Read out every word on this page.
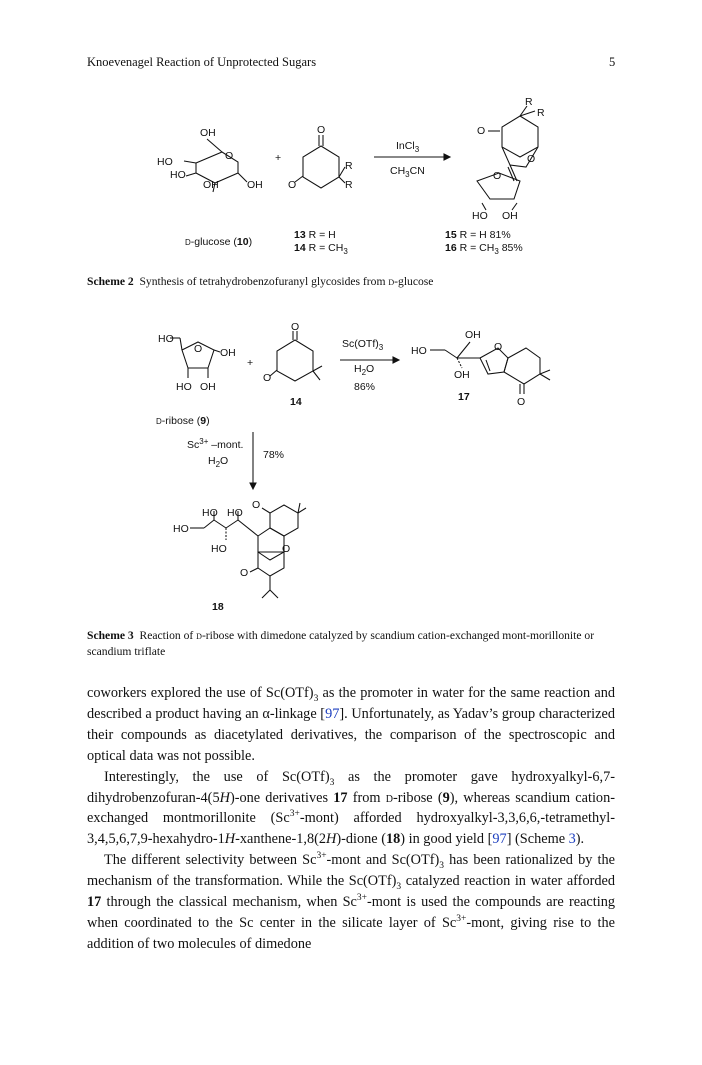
Knoevenagel Reaction of Unprotected Sugars	5
OH
HO
HO
OH	OH
O	+
O
O
R
R
InCl$_3$
$CH_3CN$
O
R
R
O
O
HO OH
D-glucose (10)
13 R = H
14 $R = CH_3$
15 R = H 81%
16 $R = CH_3$ 85%
Scheme 2 Synthesis of tetrahydrobenzofuranyl glycosides from d-glucose
HO
O OH
HO OH
+
O
O
14
$Sc(OTf)_3$
$H_2O$
86%
HO
OH
OH
O
O
17
D-ribose (9)
$Sc^{3+}$ –mont.
$H_2O$	78%
HO
HO HO
HO
O
O
O
18
Scheme 3 Reaction of d-ribose with dimedone catalyzed by scandium cation-exchanged mont-morillonite or scandium triflate

coworkers explored the use of $Sc(OTf)_3$ as the promoter in water for the same reaction and described a product having an α-linkage [97]. Unfortunately, as Yadav’s group characterized their compounds as diacetylated derivatives, the comparison of the spectroscopic and optical data was not possible.

Interestingly, the use of $Sc(OTf)_3$ as the promoter gave hydroxyalkyl-6,7-dihydrobenzofuran-4(5H)-one derivatives 17 from d-ribose (9), whereas scandium cation-exchanged montmorillonite $(Sc^{3+}-mont)$ afforded hydroxyalkyl-3,3,6,6,-tetramethyl-3,4,5,6,7,9-hexahydro-1H-xanthene-1,8(2H)-dione (18) in good yield [97] (Scheme 3).

The different selectivity between $Sc^{3+}$-mont and $Sc(OTf)_3$ has been rationalized by the mechanism of the transformation. While the $Sc(OTf)_3$ catalyzed reaction in water afforded 17 through the classical mechanism, when $Sc^{3+}$-mont is used the compounds are reacting when coordinated to the Sc center in the silicate layer of $Sc^{3+}$-mont, giving rise to the addition of two molecules of dimedone
